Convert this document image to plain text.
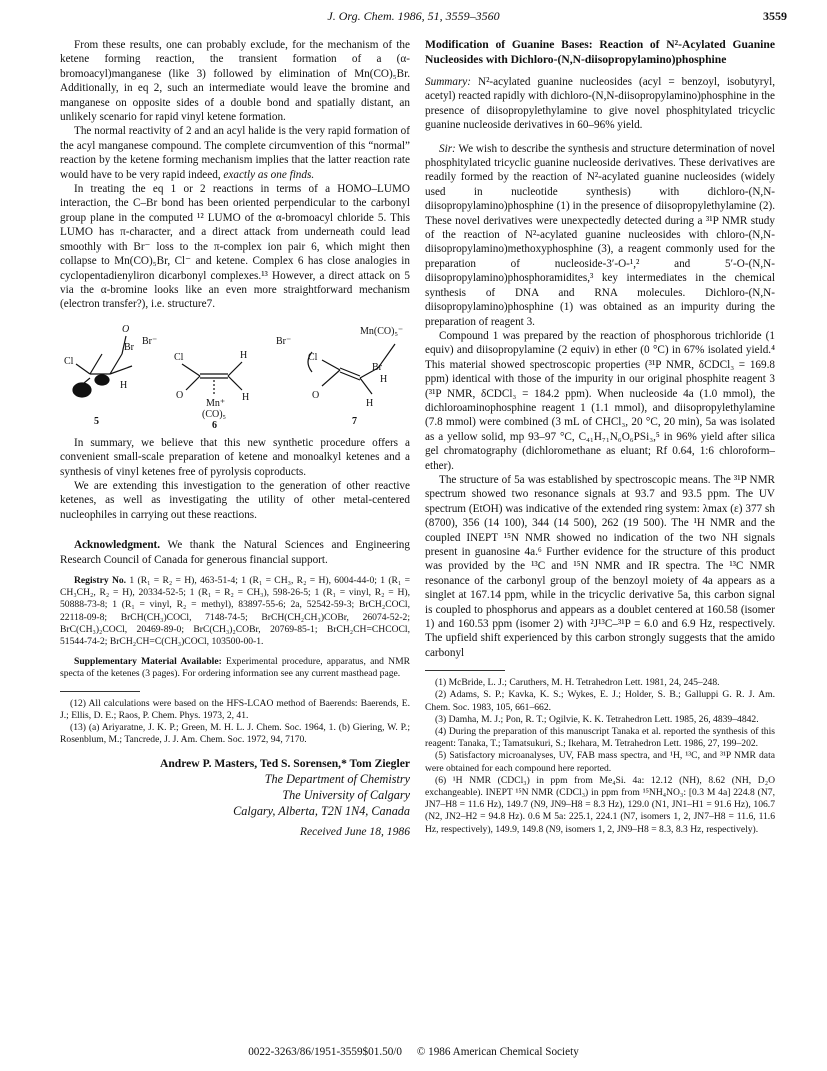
J. Org. Chem. 1986, 51, 3559–3560	3559

From these results, one can probably exclude, for the mechanism of the ketene forming reaction, the transient formation of a (α-bromoacyl)manganese (like 3) followed by elimination of Mn(CO)₅Br. Additionally, in eq 2, such an intermediate would leave the bromine and manganese on opposite sides of a double bond and spatially distant, an unlikely scenario for rapid vinyl ketene formation.

The normal reactivity of 2 and an acyl halide is the very rapid formation of the acyl manganese compound. The complete circumvention of this “normal” reaction by the ketene forming mechanism implies that the latter reaction rate would have to be very rapid indeed, exactly as one finds.

In treating the eq 1 or 2 reactions in terms of a HOMO–LUMO interaction, the C–Br bond has been oriented perpendicular to the carbonyl group plane in the computed ¹² LUMO of the α-bromoacyl chloride 5. This LUMO has π-character, and a direct attack from underneath could lead smoothly with Br⁻ loss to the π-complex ion pair 6, which might then collapse to Mn(CO)₅Br, Cl⁻ and ketene. Complex 6 has close analogies in cyclopentadienyliron dicarbonyl complexes.¹³ However, a direct attack on 5 via the α-bromine looks like an even more straightforward mechanism (electron transfer?), i.e. structure7.

O
Br
Cl
H
Br⁻
Cl	H
O	H
Mn⁺
(CO)₅
Br⁻
Cl
Br
Mn(CO)₅⁻
O
H
H
5	6	7

In summary, we believe that this new synthetic procedure offers a convenient small-scale preparation of ketene and monoalkyl ketenes and a synthesis of vinyl ketenes free of pyrolysis coproducts.

We are extending this investigation to the generation of other reactive ketenes, as well as investigating the utility of other metal-centered nucleophiles in carrying out these reactions.

Acknowledgment. We thank the Natural Sciences and Engineering Research Council of Canada for generous financial support.

Registry No. 1 (R₁ = R₂ = H), 463-51-4; 1 (R₁ = CH₃, R₂ = H), 6004-44-0; 1 (R₁ = CH₃CH₂, R₂ = H), 20334-52-5; 1 (R₁ = R₂ = CH₃), 598-26-5; 1 (R₁ = vinyl, R₂ = H), 50888-73-8; 1 (R₁ = vinyl, R₂ = methyl), 83897-55-6; 2a, 52542-59-3; BrCH₂COCl, 22118-09-8; BrCH(CH₃)COCl, 7148-74-5; BrCH(CH₂CH₃)COBr, 26074-52-2; BrC(CH₃)₂COCl, 20469-89-0; BrC(CH₃)₂COBr, 20769-85-1; BrCH₂CH=CHCOCl, 51544-74-2; BrCH₂CH=C(CH₃)COCl, 103500-00-1.

Supplementary Material Available: Experimental procedure, apparatus, and NMR specta of the ketenes (3 pages). For ordering information see any current masthead page.

(12) All calculations were based on the HFS-LCAO method of Baerends: Baerends, E. J.; Ellis, D. E.; Raos, P. Chem. Phys. 1973, 2, 41.

(13) (a) Ariyaratne, J. K. P.; Green, M. H. L. J. Chem. Soc. 1964, 1. (b) Giering, W. P.; Rosenblum, M.; Tancrede, J. J. Am. Chem. Soc. 1972, 94, 7170.

Andrew P. Masters, Ted S. Sorensen,* Tom Ziegler
The Department of Chemistry
The University of Calgary
Calgary, Alberta, T2N 1N4, Canada
Received June 18, 1986

Modification of Guanine Bases: Reaction of N²-Acylated Guanine Nucleosides with Dichloro-(N,N-diisopropylamino)phosphine

Summary: N²-acylated guanine nucleosides (acyl = benzoyl, isobutyryl, acetyl) reacted rapidly with dichloro-(N,N-diisopropylamino)phosphine in the presence of diisopropylethylamine to give novel phosphitylated tricyclic guanine nucleoside derivatives in 60–96% yield.

Sir: We wish to describe the synthesis and structure determination of novel phosphitylated tricyclic guanine nucleoside derivatives. These derivatives are readily formed by the reaction of N²-acylated guanine nucleosides (widely used in nucleotide synthesis) with dichloro-(N,N-diisopropylamino)phosphine (1) in the presence of diisopropylethylamine (2). These novel derivatives were unexpectedly detected during a ³¹P NMR study of the reaction of N²-acylated guanine nucleosides with chloro-(N,N-diisopropylamino)methoxyphosphine (3), a reagent commonly used for the preparation of nucleoside-3′-O-¹,² and 5′-O-(N,N-diisopropylamino)phosphoramidites,³ key intermediates in the chemical synthesis of DNA and RNA molecules. Dichloro-(N,N-diisopropylamino)phosphine (1) was obtained as an impurity during the preparation of reagent 3.

Compound 1 was prepared by the reaction of phosphorous trichloride (1 equiv) and diisopropylamine (2 equiv) in ether (0 °C) in 67% isolated yield.⁴ This material showed spectroscopic properties (³¹P NMR, δCDCl₃ = 169.8 ppm) identical with those of the impurity in our original phosphite reagent 3 (³¹P NMR, δCDCl₃ = 184.2 ppm). When nucleoside 4a (1.0 mmol), the dichloroaminophosphine reagent 1 (1.1 mmol), and diisopropylethylamine (7.8 mmol) were combined (3 mL of CHCl₃, 20 °C, 20 min), 5a was isolated as a yellow solid, mp 93–97 °C, C₄₁H₇₁N₆O₆PSi₃,⁵ in 96% yield after silica gel chromatography (dichloromethane as eluant; Rf 0.64, 1:6 chloroform–ether).

The structure of 5a was established by spectroscopic means. The ³¹P NMR spectrum showed two resonance signals at 93.7 and 93.5 ppm. The UV spectrum (EtOH) was indicative of the extended ring system: λmax (ε) 377 sh (8700), 356 (14 100), 344 (14 500), 262 (19 500). The ¹H NMR and the coupled INEPT ¹⁵N NMR showed no indication of the two NH signals present in guanosine 4a.⁶ Further evidence for the structure of this product was provided by the ¹³C and ¹⁵N NMR and IR spectra. The ¹³C NMR resonance of the carbonyl group of the benzoyl moiety of 4a appears as a singlet at 167.14 ppm, while in the tricyclic derivative 5a, this carbon signal is coupled to phosphorus and appears as a doublet centered at 160.58 (isomer 1) and 160.53 ppm (isomer 2) with ²J¹³C–³¹P = 6.0 and 6.9 Hz, respectively. The upfield shift experienced by this carbon strongly suggests that the amido carbonyl

(1) McBride, L. J.; Caruthers, M. H. Tetrahedron Lett. 1981, 24, 245–248.

(2) Adams, S. P.; Kavka, K. S.; Wykes, E. J.; Holder, S. B.; Galluppi G. R. J. Am. Chem. Soc. 1983, 105, 661–662.

(3) Damha, M. J.; Pon, R. T.; Ogilvie, K. K. Tetrahedron Lett. 1985, 26, 4839–4842.

(4) During the preparation of this manuscript Tanaka et al. reported the synthesis of this reagent: Tanaka, T.; Tamatsukuri, S.; Ikehara, M. Tetrahedron Lett. 1986, 27, 199–202.

(5) Satisfactory microanalyses, UV, FAB mass spectra, and ¹H, ¹³C, and ³¹P NMR data were obtained for each compound here reported.

(6) ¹H NMR (CDCl₃) in ppm from Me₄Si. 4a: 12.12 (NH), 8.62 (NH, D₂O exchangeable). INEPT ¹⁵N NMR (CDCl₃) in ppm from ¹⁵NH₄NO₃: [0.3 M 4a] 224.8 (N7, JN7–H8 = 11.6 Hz), 149.7 (N9, JN9–H8 = 8.3 Hz), 129.0 (N1, JN1–H1 = 91.6 Hz), 106.7 (N2, JN2–H2 = 94.8 Hz). 0.6 M 5a: 225.1, 224.1 (N7, isomers 1, 2, JN7–H8 = 11.6, 11.6 Hz, respectively), 149.9, 149.8 (N9, isomers 1, 2, JN9–H8 = 8.3, 8.3 Hz, respectively).

0022-3263/86/1951-3559$01.50/0 © 1986 American Chemical Society
